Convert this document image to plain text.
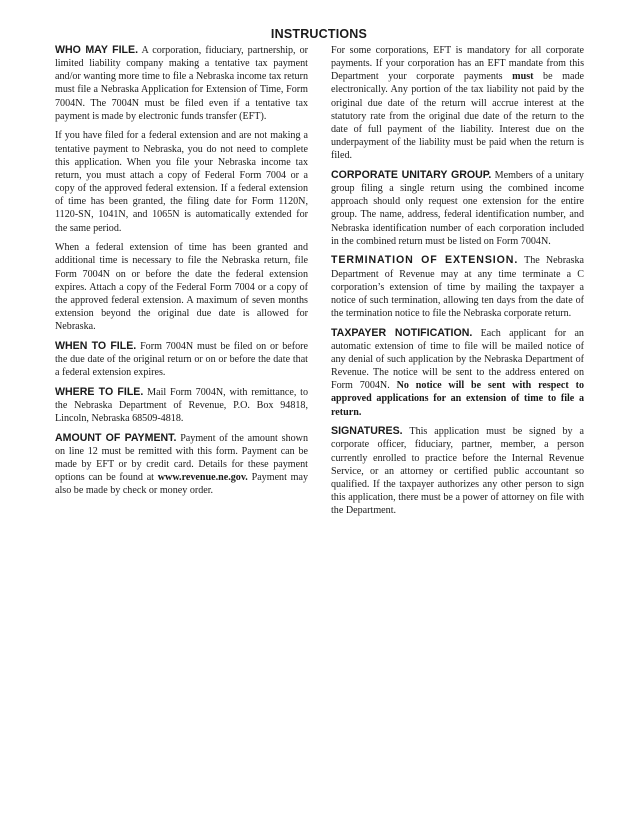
INSTRUCTIONS

WHO MAY FILE. A corporation, fiduciary, partnership, or limited liability company making a tentative tax payment and/or wanting more time to file a Nebraska income tax return must file a Nebraska Application for Extension of Time, Form 7004N. The 7004N must be filed even if a tentative tax payment is made by electronic funds transfer (EFT).

If you have filed for a federal extension and are not making a tentative payment to Nebraska, you do not need to complete this application. When you file your Nebraska income tax return, you must attach a copy of Federal Form 7004 or a copy of the approved federal extension. If a federal extension of time has been granted, the filing date for Form 1120N, 1120-SN, 1041N, and 1065N is automatically extended for the same period.

When a federal extension of time has been granted and additional time is necessary to file the Nebraska return, file Form 7004N on or before the date the federal extension expires. Attach a copy of the Federal Form 7004 or a copy of the approved federal extension. A maximum of seven months extension beyond the original due date is allowed for Nebraska.

WHEN TO FILE. Form 7004N must be filed on or before the due date of the original return or on or before the date that a federal extension expires.

WHERE TO FILE. Mail Form 7004N, with remittance, to the Nebraska Department of Revenue, P.O. Box 94818, Lincoln, Nebraska 68509-4818.

AMOUNT OF PAYMENT. Payment of the amount shown on line 12 must be remitted with this form. Payment can be made by EFT or by credit card. Details for these payment options can be found at www.revenue.ne.gov. Payment may also be made by check or money order.

For some corporations, EFT is mandatory for all corporate payments. If your corporation has an EFT mandate from this Department your corporate payments must be made electronically. Any portion of the tax liability not paid by the original due date of the return will accrue interest at the statutory rate from the original due date of the return to the date of full payment of the liability. Interest due on the underpayment of the liability must be paid when the return is filed.

CORPORATE UNITARY GROUP. Members of a unitary group filing a single return using the combined income approach should only request one extension for the entire group. The name, address, federal identification number, and Nebraska identification number of each corporation included in the combined return must be listed on Form 7004N.

TERMINATION OF EXTENSION. The Nebraska Department of Revenue may at any time terminate a C corporation’s extension of time by mailing the taxpayer a notice of such termination, allowing ten days from the date of the termination notice to file the Nebraska corporate return.

TAXPAYER NOTIFICATION. Each applicant for an automatic extension of time to file will be mailed notice of any denial of such application by the Nebraska Department of Revenue. The notice will be sent to the address entered on Form 7004N. No notice will be sent with respect to approved applications for an extension of time to file a return.

SIGNATURES. This application must be signed by a corporate officer, fiduciary, partner, member, a person currently enrolled to practice before the Internal Revenue Service, or an attorney or certified public accountant so qualified. If the taxpayer authorizes any other person to sign this application, there must be a power of attorney on file with the Department.
